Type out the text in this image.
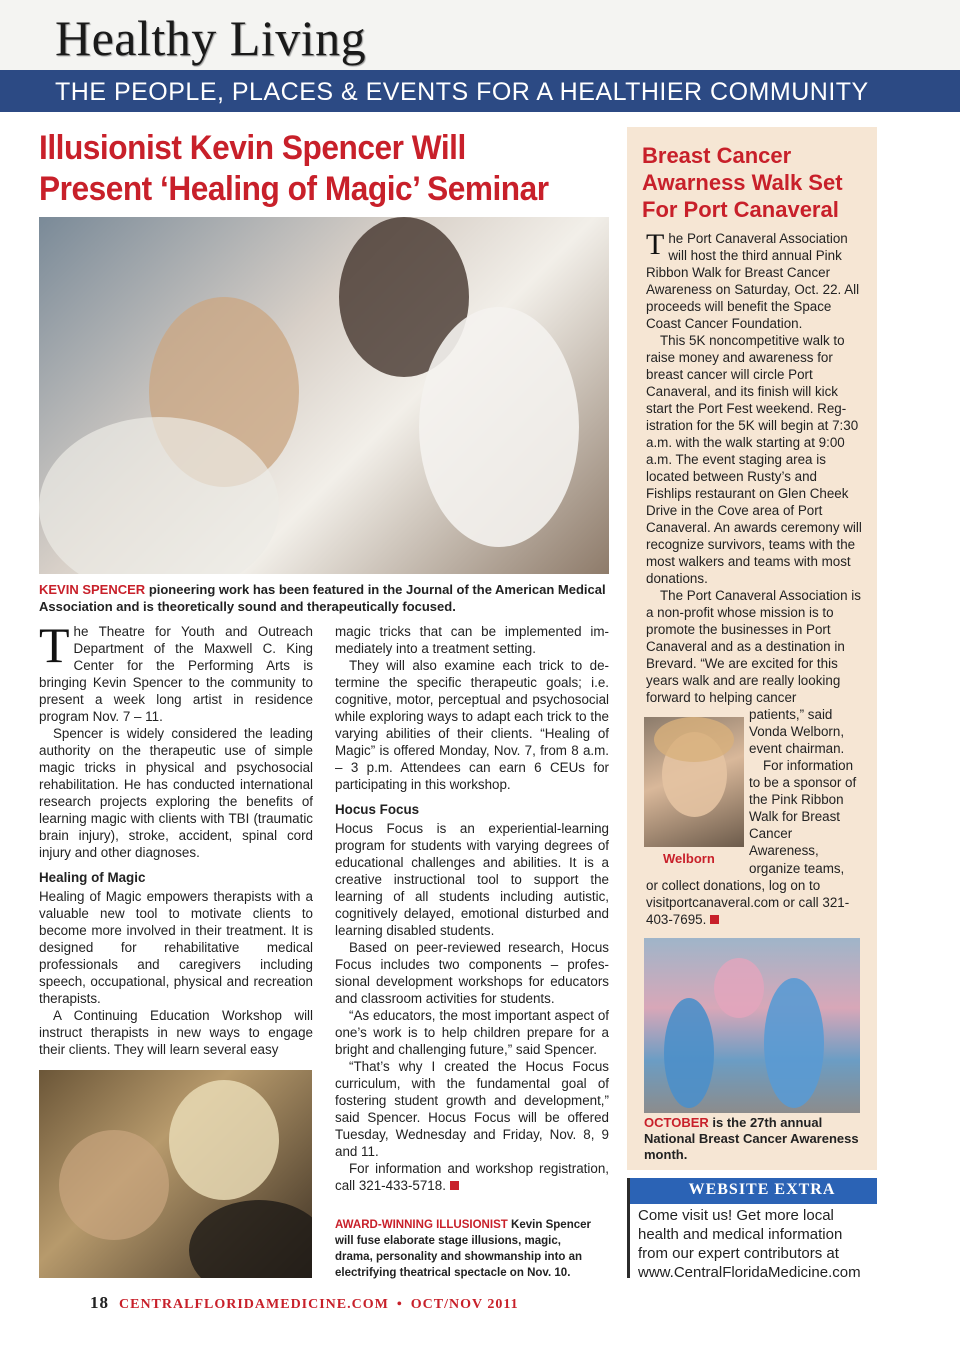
Healthy Living
THE PEOPLE, PLACES & EVENTS FOR A HEALTHIER COMMUNITY
Illusionist Kevin Spencer Will Present ‘Healing of Magic’ Seminar
KEVIN SPENCER pioneering work has been featured in the Journal of the American Medical Association and is theoretically sound and therapeutically focused.

The Theatre for Youth and Outreach Department of the Maxwell C. King Center for the Performing Arts is bringing Kevin Spencer to the community to present a week long artist in residence program Nov. 7 – 11.

Spencer is widely considered the leading authority on the therapeutic use of simple magic tricks in physical and psychosocial rehabilitation. He has conducted international research projects exploring the benefits of learning magic with clients with TBI (traumatic brain injury), stroke, accident, spinal cord injury and other diagnoses.

Healing of Magic

Healing of Magic empowers therapists with a valuable new tool to motivate clients to become more involved in their treatment. It is designed for rehabilitative medical professionals and caregivers including speech, occupational, physical and recreation therapists.

A Continuing Education Workshop will instruct therapists in new ways to engage their clients. They will learn several easy

magic tricks that can be implemented immediately into a treatment setting.

They will also examine each trick to determine the specific therapeutic goals; i.e. cognitive, motor, perceptual and psychosocial while exploring ways to adapt each trick to the varying abilities of their clients. “Healing of Magic” is offered Monday, Nov. 7, from 8 a.m. – 3 p.m. Attendees can earn 6 CEUs for participating in this workshop.

Hocus Focus

Hocus Focus is an experiential-learning program for students with varying degrees of educational challenges and abilities. It is a creative instructional tool to support the learning of all students including autistic, cognitively delayed, emotional disturbed and learning disabled students.

Based on peer-reviewed research, Hocus Focus includes two components – professional development workshops for educators and classroom activities for students.

“As educators, the most important aspect of one’s work is to help children prepare for a bright and challenging future,” said Spencer.

“That’s why I created the Hocus Focus curriculum, with the fundamental goal of fostering student growth and development,” said Spencer. Hocus Focus will be offered Tuesday, Wednesday and Friday, Nov. 8, 9 and 11.

For information and workshop registration, call 321-433-5718.

AWARD-WINNING ILLUSIONIST Kevin Spencer will fuse elaborate stage illusions, magic, drama, personality and showmanship into an electrifying theatrical spectacle on Nov. 10.
Breast Cancer Awarness Walk Set For Port Canaveral

The Port Canaveral Association will host the third annual Pink Ribbon Walk for Breast Cancer Awareness on Saturday, Oct. 22. All proceeds will benefit the Space Coast Cancer Foundation.

This 5K noncompetitive walk to raise money and awareness for breast cancer will circle Port Canaveral, and its finish will kick start the Port Fest weekend. Registration for the 5K will begin at 7:30 a.m. with the walk starting at 9:00 a.m. The event staging area is located between Rusty’s and Fishlips restaurant on Glen Cheek Drive in the Cove area of Port Canaveral. An awards ceremony will recognize survivors, teams with the most walkers and teams with most donations.

The Port Canaveral Association is a non-profit whose mission is to promote the businesses in Port Canaveral and as a destination in Brevard. “We are excited for this years walk and are really looking forward to helping cancer

Welborn
patients,” said Vonda Welborn, event chairman.
For information to be a sponsor of the Pink Ribbon Walk for Breast Cancer Awareness,
organize teams,
or collect donations, log on to visitportcanaveral.com or call 321-403-7695.
OCTOBER is the 27th annual National Breast Cancer Awareness month.
WEBSITE EXTRA
Come visit us! Get more local health and medical information from our expert contributors at www.CentralFloridaMedicine.com
18 CENTRALFLORIDAMEDICINE.COM • OCT/NOV 2011
